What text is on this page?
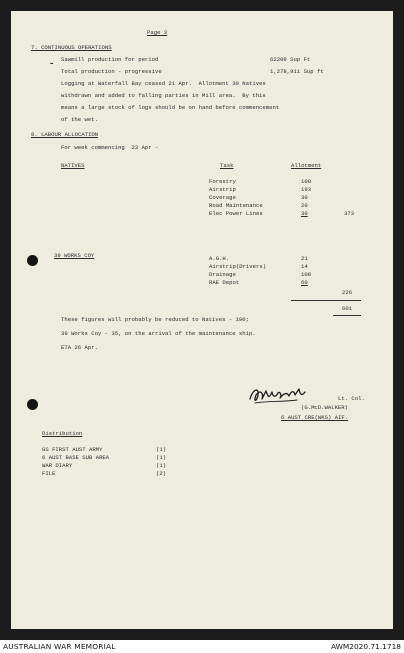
Page 3
7. CONTINUOUS OPERATIONS
- Sawmill production for period	62209 Sup Ft
Total production - progressive	1,278,911 Sup ft
Logging at Waterfall Bay ceased 21 Apr.  Allotment 30 Natives
withdrawn and added to falling parties in Mill area.  By this
means a large stock of logs should be on hand before commencement
of the wet.
8. LABOUR ALLOCATION
For week commencing  23 Apr -
NATIVES	Task	Allotment
Forestry	100
Airstrip	193
Coverage	30
Road Maintenance	20
Elec Power Lines	30	373
39 WORKS COY	A.G.H.	21
Airstrip(Drivers)	14
Drainage	108
RAE Depot	60
226
601
These figures will probably be reduced to Natives - 190;
39 Works Coy - 35, on the arrival of the maintenance ship.
ETA 26 Apr.
Lt. Col.
(G.McD.WALKER)
6 AUST CRE(WKS) AIF.
Distribution
GS FIRST AUST ARMY	(1)
6 AUST BASE SUB AREA	(1)
WAR DIARY	(1)
FILE	(2)
AUSTRALIAN WAR MEMORIAL	AWM2020.71.1718
